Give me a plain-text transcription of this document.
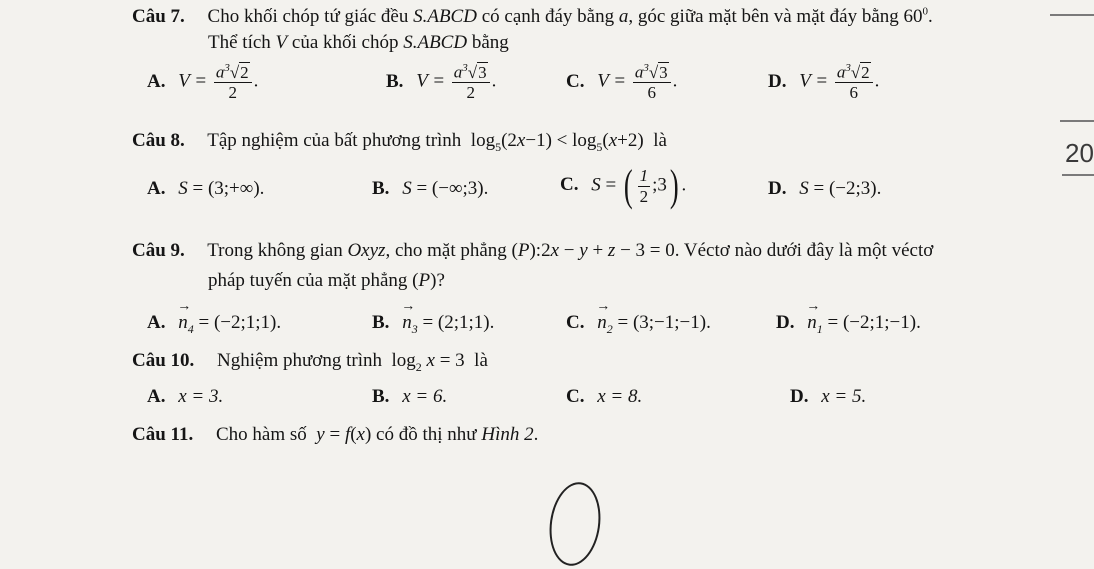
20
Câu 7. Cho khối chóp tứ giác đều S.ABCD có cạnh đáy bằng a, góc giữa mặt bên và mặt đáy bằng $60^0$.
Thể tích V của khối chóp S.ABCD bằng
A. $V = \frac{a^3√2}{2}$ .	B. $V = \frac{a^3√3}{2}$ .	C. $V = \frac{a^3√3}{6}$ .	D. $V = \frac{a^3√2}{6}$ .
Câu 8. Tập nghiệm của bất phương trình  $\log_5(2x-1) < \log_5(x+2)$  là
A. S = (3;+∞).	B. S = (−∞;3).	C. S = ( $\frac{1}{2}$ ;3) .	D. S = (−2;3).
Câu 9. Trong không gian Oxyz, cho mặt phẳng (P):2x − y + z − 3 = 0. Véctơ nào dưới đây là một véctơ
pháp tuyến của mặt phẳng (P)?
A. → $n_4$ = (−2;1;1).	B. → $n_3$ = (2;1;1).	C. → $n_2$ = (3;−1;−1).	D. → $n_1$ = (−2;1;−1).
Câu 10. Nghiệm phương trình  $\log_2 x = 3$  là
A. x = 3.	B. x = 6.	C. x = 8.	D. x = 5.
Câu 11. Cho hàm số  y = f(x) có đồ thị như Hình 2.
